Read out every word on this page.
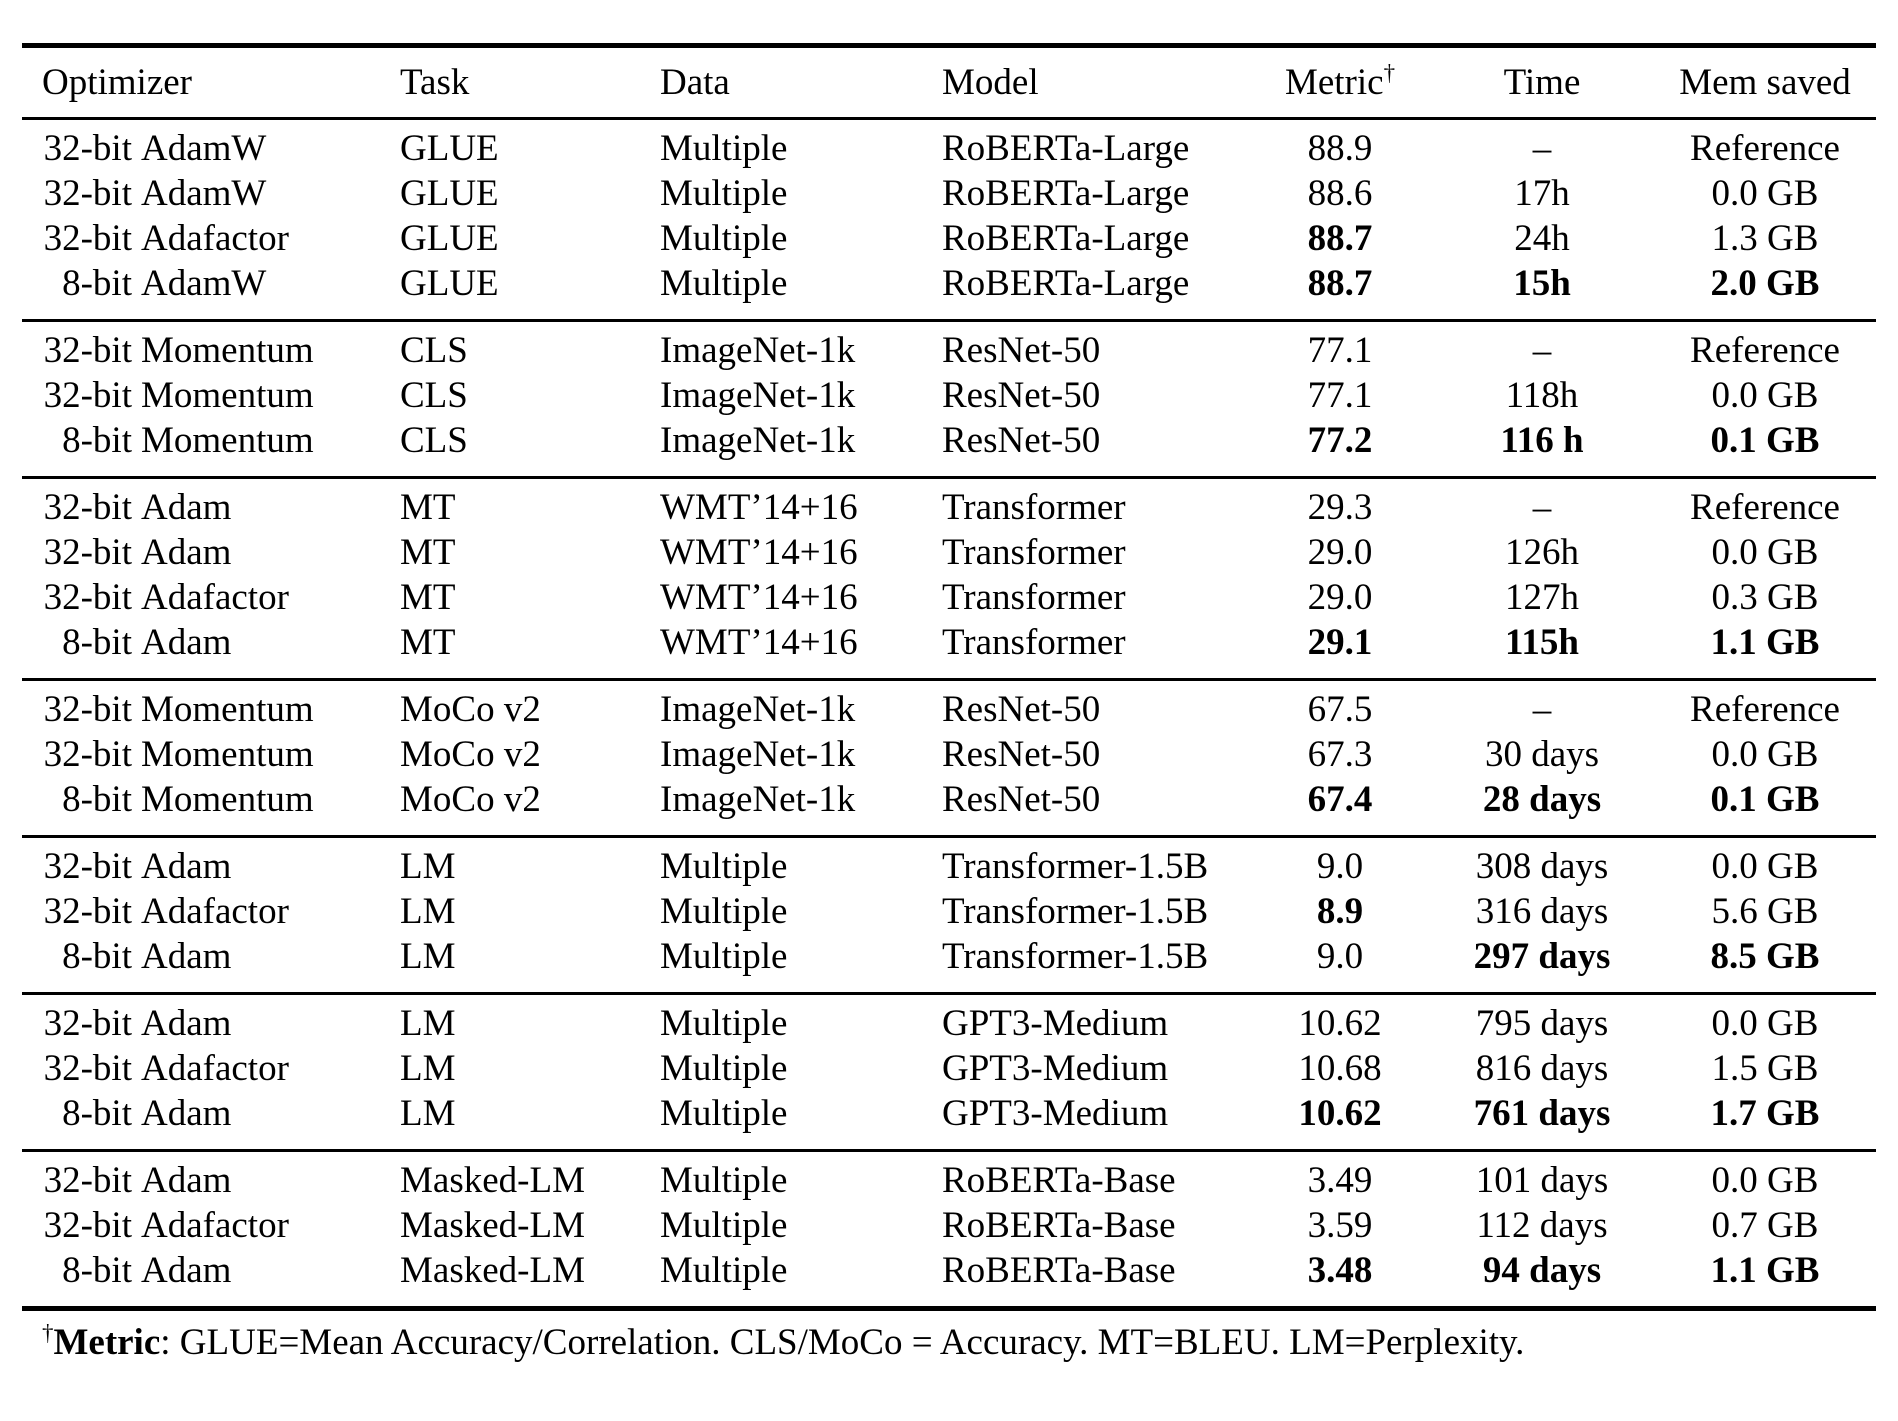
Optimizer	Task	Data	Model	Metric†	Time	Mem saved
32-bit AdamW	GLUE	Multiple	RoBERTa-Large	88.9	–	Reference
32-bit AdamW	GLUE	Multiple	RoBERTa-Large	88.6	17h	0.0 GB
32-bit Adafactor	GLUE	Multiple	RoBERTa-Large	88.7	24h	1.3 GB
8-bit AdamW	GLUE	Multiple	RoBERTa-Large	88.7	15h	2.0 GB
32-bit Momentum	CLS	ImageNet-1k	ResNet-50	77.1	–	Reference
32-bit Momentum	CLS	ImageNet-1k	ResNet-50	77.1	118h	0.0 GB
8-bit Momentum	CLS	ImageNet-1k	ResNet-50	77.2	116 h	0.1 GB
32-bit Adam	MT	WMT’14+16	Transformer	29.3	–	Reference
32-bit Adam	MT	WMT’14+16	Transformer	29.0	126h	0.0 GB
32-bit Adafactor	MT	WMT’14+16	Transformer	29.0	127h	0.3 GB
8-bit Adam	MT	WMT’14+16	Transformer	29.1	115h	1.1 GB
32-bit Momentum	MoCo v2	ImageNet-1k	ResNet-50	67.5	–	Reference
32-bit Momentum	MoCo v2	ImageNet-1k	ResNet-50	67.3	30 days	0.0 GB
8-bit Momentum	MoCo v2	ImageNet-1k	ResNet-50	67.4	28 days	0.1 GB
32-bit Adam	LM	Multiple	Transformer-1.5B	9.0	308 days	0.0 GB
32-bit Adafactor	LM	Multiple	Transformer-1.5B	8.9	316 days	5.6 GB
8-bit Adam	LM	Multiple	Transformer-1.5B	9.0	297 days	8.5 GB
32-bit Adam	LM	Multiple	GPT3-Medium	10.62	795 days	0.0 GB
32-bit Adafactor	LM	Multiple	GPT3-Medium	10.68	816 days	1.5 GB
8-bit Adam	LM	Multiple	GPT3-Medium	10.62	761 days	1.7 GB
32-bit Adam	Masked-LM	Multiple	RoBERTa-Base	3.49	101 days	0.0 GB
32-bit Adafactor	Masked-LM	Multiple	RoBERTa-Base	3.59	112 days	0.7 GB
8-bit Adam	Masked-LM	Multiple	RoBERTa-Base	3.48	94 days	1.1 GB
†Metric: GLUE=Mean Accuracy/Correlation. CLS/MoCo = Accuracy. MT=BLEU. LM=Perplexity.
